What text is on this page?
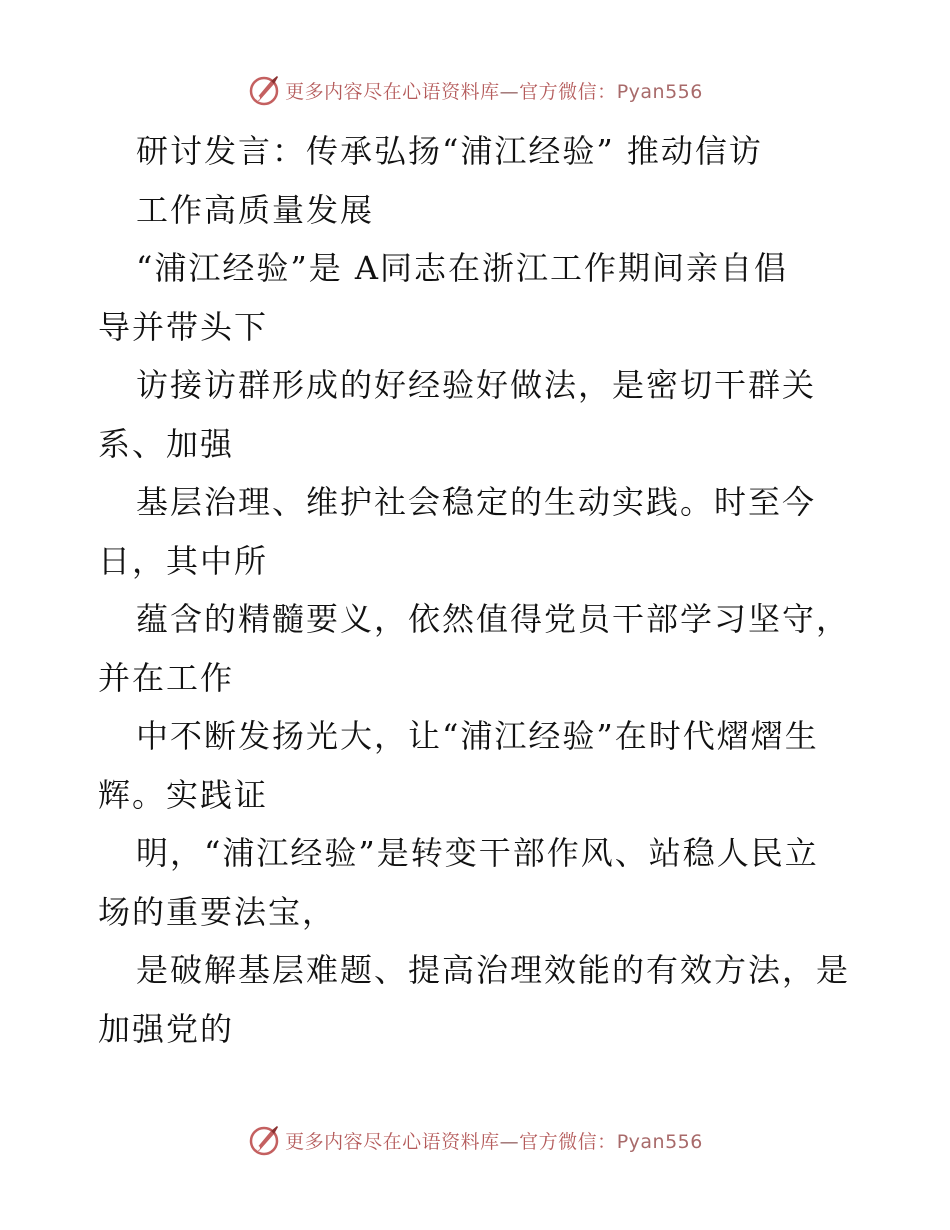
更多内容尽在心语资料库—官方微信：Pyan556
研讨发言：传承弘扬“浦江经验” 推动信访
工作高质量发展
“浦江经验”是 A同志在浙江工作期间亲自倡
导并带头下
访接访群形成的好经验好做法，是密切干群关
系、加强
基层治理、维护社会稳定的生动实践。时至今
日，其中所
蕴含的精髓要义，依然值得党员干部学习坚守，
并在工作
中不断发扬光大，让“浦江经验”在时代熠熠生
辉。实践证
明，“浦江经验”是转变干部作风、站稳人民立
场的重要法宝，
是破解基层难题、提高治理效能的有效方法，是
加强党的
更多内容尽在心语资料库—官方微信：Pyan556
